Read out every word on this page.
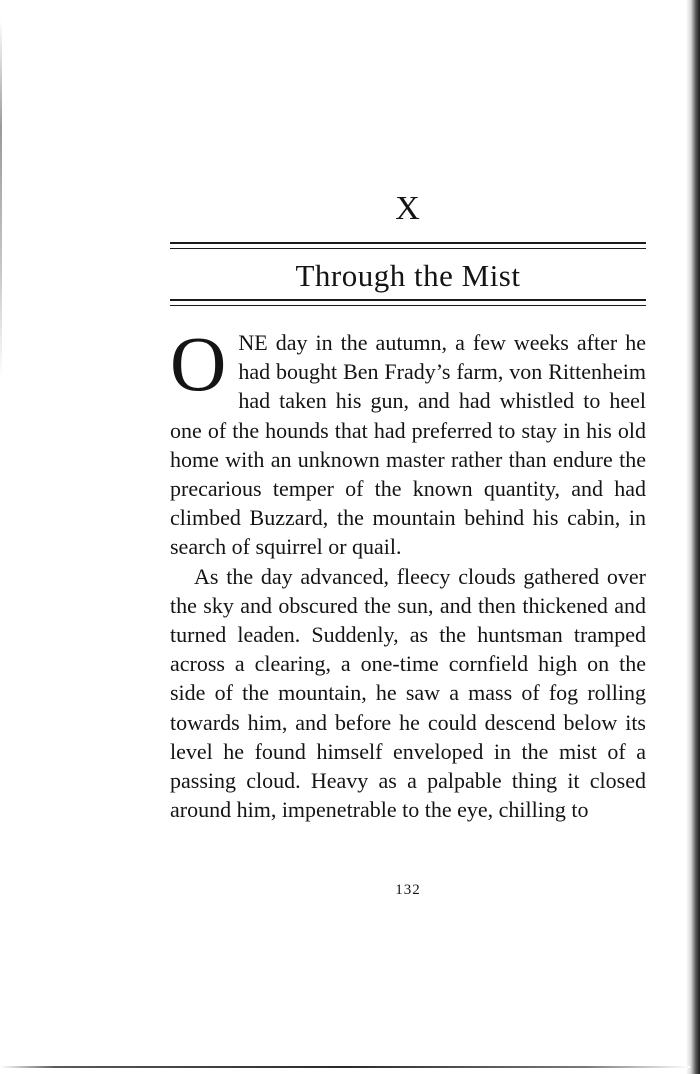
X
Through the Mist

ONE day in the autumn, a few weeks after he had bought Ben Frady’s farm, von Rittenheim had taken his gun, and had whistled to heel one of the hounds that had preferred to stay in his old home with an unknown master rather than endure the precarious temper of the known quantity, and had climbed Buzzard, the mountain behind his cabin, in search of squirrel or quail.

As the day advanced, fleecy clouds gathered over the sky and obscured the sun, and then thickened and turned leaden. Suddenly, as the huntsman tramped across a clearing, a one-time cornfield high on the side of the mountain, he saw a mass of fog rolling towards him, and before he could descend below its level he found himself enveloped in the mist of a passing cloud. Heavy as a palpable thing it closed around him, impenetrable to the eye, chilling to

132
